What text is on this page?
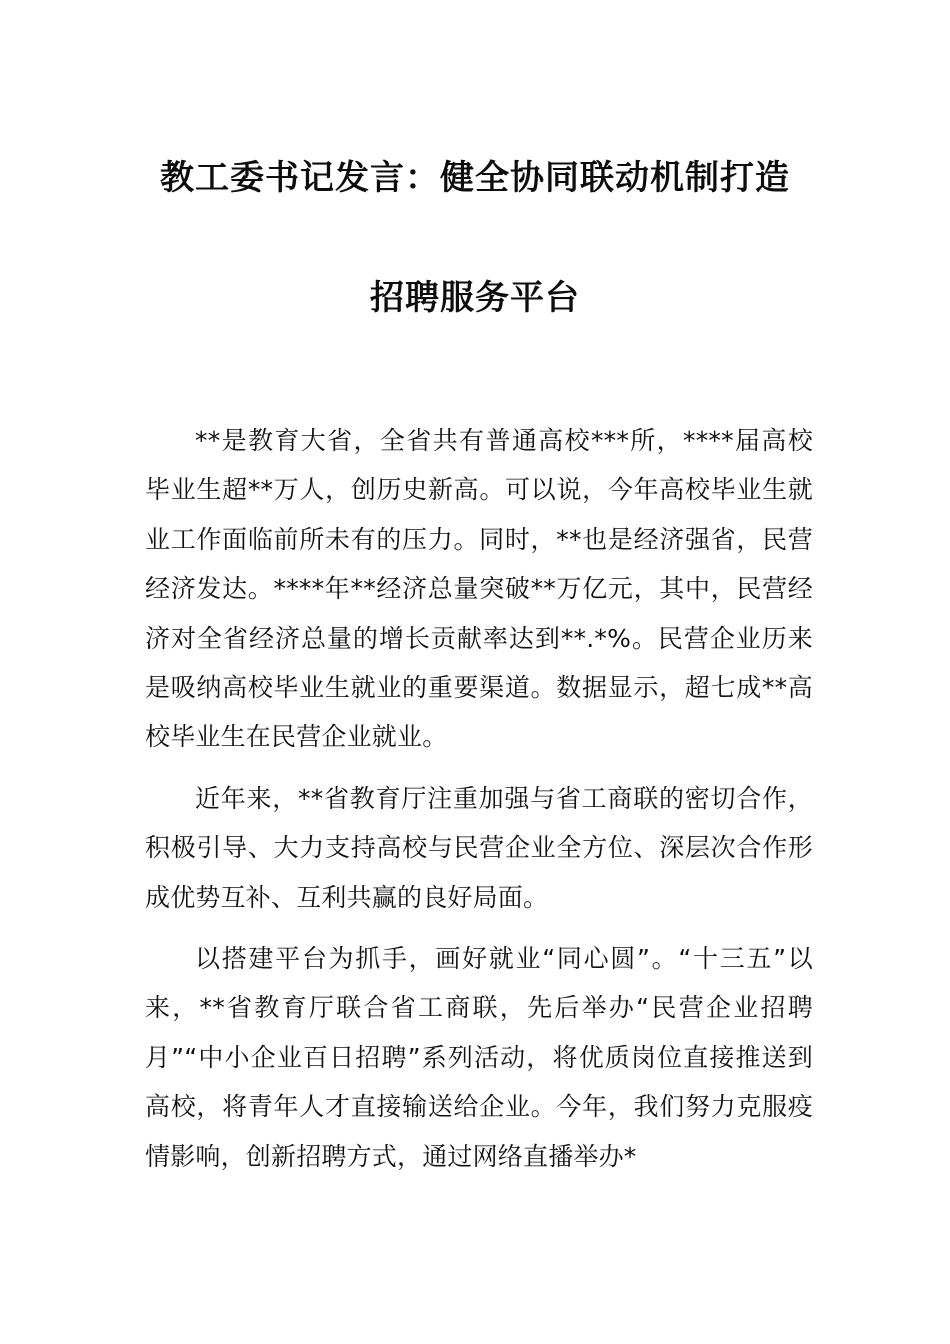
教工委书记发言：健全协同联动机制打造
招聘服务平台

**是教育大省，全省共有普通高校***所，****届高校毕业生超**万人，创历史新高。可以说，今年高校毕业生就业工作面临前所未有的压力。同时，**也是经济强省，民营经济发达。****年**经济总量突破**万亿元，其中，民营经济对全省经济总量的增长贡献率达到**.*%。民营企业历来是吸纳高校毕业生就业的重要渠道。数据显示，超七成**高校毕业生在民营企业就业。

近年来，**省教育厅注重加强与省工商联的密切合作，积极引导、大力支持高校与民营企业全方位、深层次合作形成优势互补、互利共赢的良好局面。

以搭建平台为抓手，画好就业“同心圆”。“十三五”以来，**省教育厅联合省工商联，先后举办“民营企业招聘月”“中小企业百日招聘”系列活动，将优质岗位直接推送到高校，将青年人才直接输送给企业。今年，我们努力克服疫情影响，创新招聘方式，通过网络直播举办*
